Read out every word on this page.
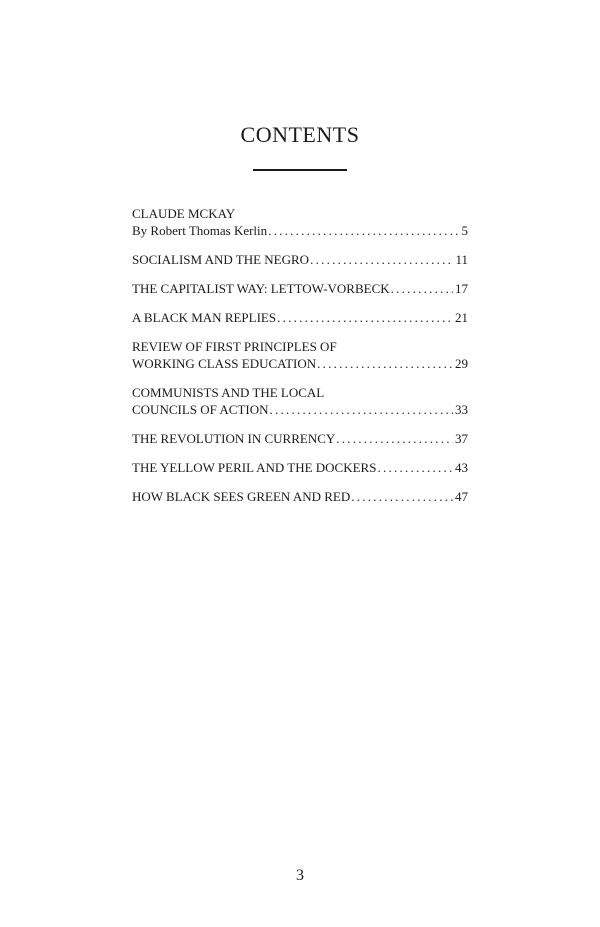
CONTENTS
CLAUDE MCKAY
By Robert Thomas Kerlin . . .	5
SOCIALISM AND THE NEGRO . . .	11
THE CAPITALIST WAY: LETTOW-VORBECK . . .	17
A BLACK MAN REPLIES . . .	21
REVIEW OF FIRST PRINCIPLES OF
WORKING CLASS EDUCATION . . .	29
COMMUNISTS AND THE LOCAL
COUNCILS OF ACTION . . .	33
THE REVOLUTION IN CURRENCY . . .	37
THE YELLOW PERIL AND THE DOCKERS . . .	43
HOW BLACK SEES GREEN AND RED . . .	47
3
